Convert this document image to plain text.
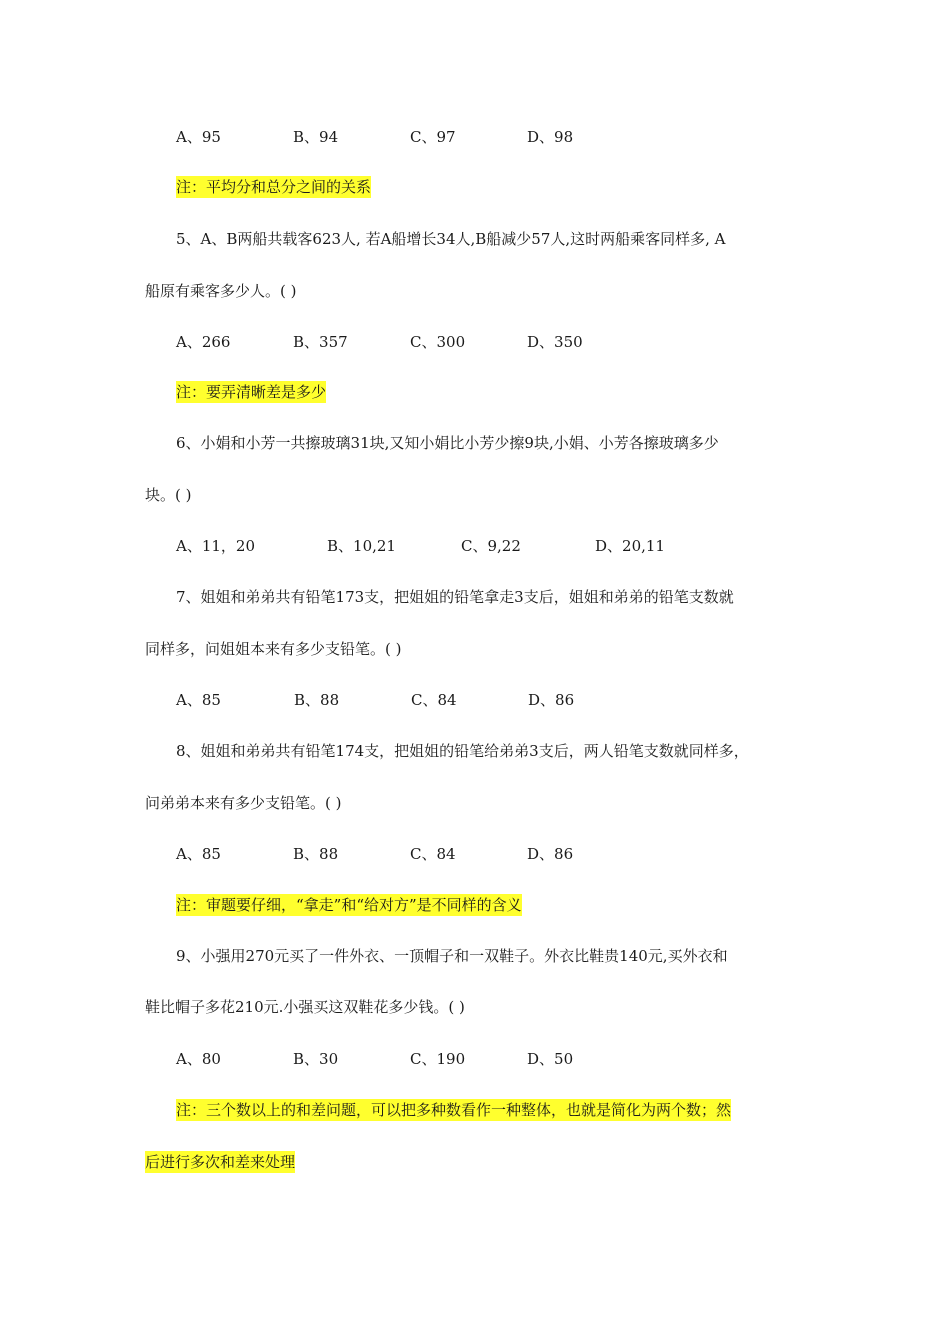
A、95	B、94	C、97	D、98
注：平均分和总分之间的关系
5、A、B两船共载客623人, 若A船增长34人,B船减少57人,这时两船乘客同样多, A
船原有乘客多少人。( )
A、266	B、357	C、300	D、350
注：要弄清晰差是多少
6、小娟和小芳一共擦玻璃31块,又知小娟比小芳少擦9块,小娟、小芳各擦玻璃多少
块。( )
A、11，20	B、10,21	C、9,22	D、20,11
7、姐姐和弟弟共有铅笔173支，把姐姐的铅笔拿走3支后，姐姐和弟弟的铅笔支数就
同样多，问姐姐本来有多少支铅笔。( )
A、85	B、88	C、84	D、86
8、姐姐和弟弟共有铅笔174支，把姐姐的铅笔给弟弟3支后，两人铅笔支数就同样多，
问弟弟本来有多少支铅笔。( )
A、85	B、88	C、84	D、86
注：审题要仔细，“拿走”和“给对方”是不同样的含义
9、小强用270元买了一件外衣、一顶帽子和一双鞋子。外衣比鞋贵140元,买外衣和
鞋比帽子多花210元.小强买这双鞋花多少钱。( )
A、80	B、30	C、190	D、50
注：三个数以上的和差问题，可以把多种数看作一种整体，也就是简化为两个数；然
后进行多次和差来处理
